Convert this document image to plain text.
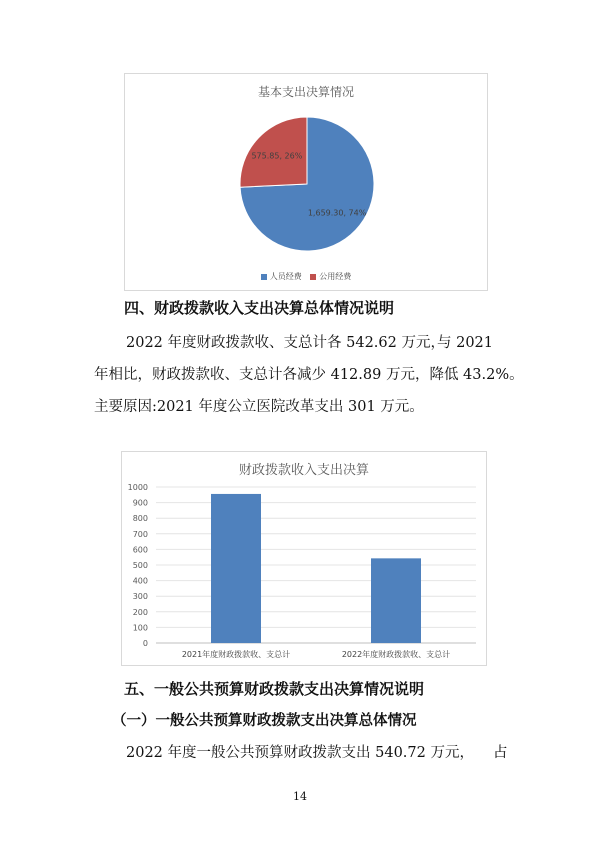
基本支出决算情况
1,659.30, 74%
575.85, 26%
人员经费 公用经费
四、财政拨款收入支出决算总体情况说明
2022 年度财政拨款收、支总计各 542.62 万元，
与 2021
年相比，财政拨款收、支总计各减少 412.89 万元，降低 43.2%。
主要原因:2021 年度公立医院改革支出 301 万元。
财政拨款收入支出决算
0
100
200
300
400
500
600
700
800
900
1000
2021年度财政拨款收、支总计	2022年度财政拨款收、支总计
五、一般公共预算财政拨款支出决算情况说明
（一）一般公共预算财政拨款支出决算总体情况
2022 年度一般公共预算财政拨款支出 540.72 万元， 占
14
